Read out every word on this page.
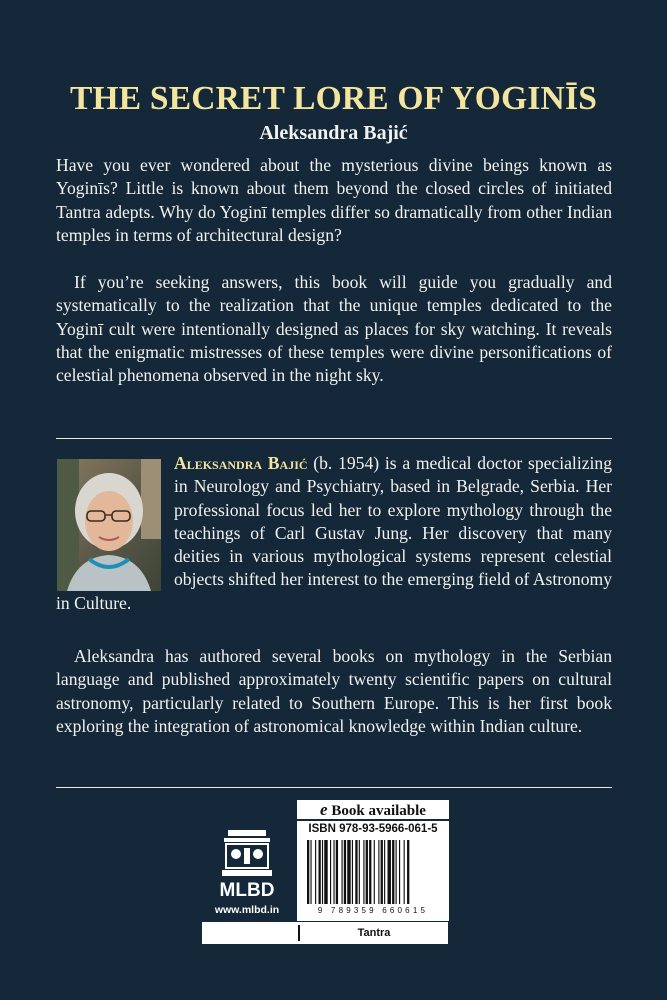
THE SECRET LORE OF YOGINĪS
Aleksandra Bajić

Have you ever wondered about the mysterious divine beings known as Yoginīs? Little is known about them beyond the closed circles of initiated Tantra adepts. Why do Yoginī temples differ so dramatically from other Indian temples in terms of architectural design?

If you’re seeking answers, this book will guide you gradually and systematically to the realization that the unique temples dedicated to the Yoginī cult were intentionally designed as places for sky watching. It reveals that the enigmatic mistresses of these temples were divine personifications of celestial phenomena observed in the night sky.

Aleksandra Bajić (b. 1954) is a medical doctor specializing in Neurology and Psychiatry, based in Belgrade, Serbia. Her professional focus led her to explore mythology through the teachings of Carl Gustav Jung. Her discovery that many deities in various mythological systems represent celestial objects shifted her interest to the emerging field of Astronomy in Culture.

Aleksandra has authored several books on mythology in the Serbian language and published approximately twenty scientific papers on cultural astronomy, particularly related to Southern Europe. This is her first book exploring the integration of astronomical knowledge within Indian culture.

MLBD
www.mlbd.in
e Book available
ISBN 978-93-5966-061-5
9 789359 660615
Tantra
